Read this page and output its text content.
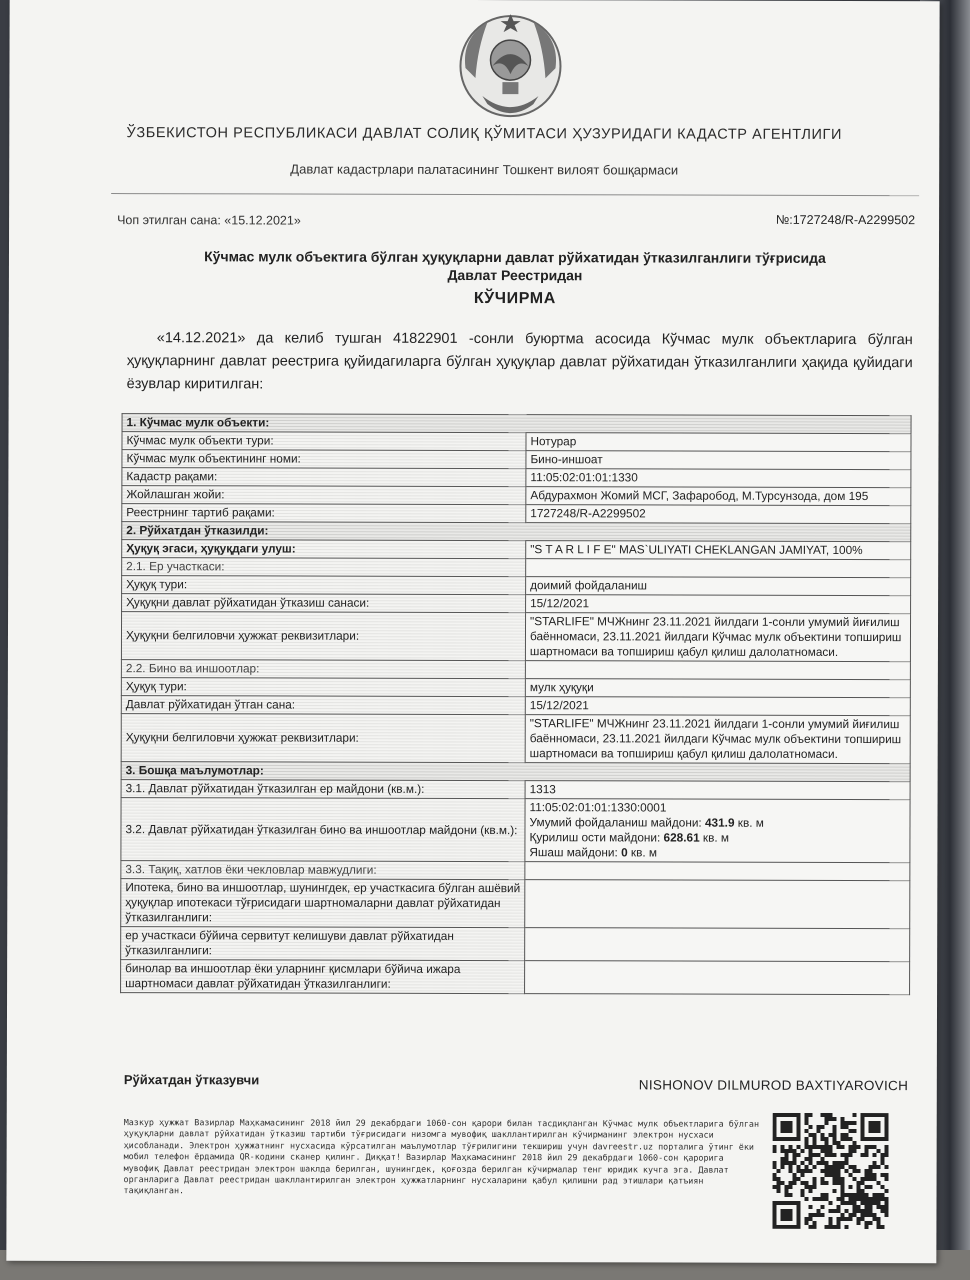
ЎЗБЕКИСТОН РЕСПУБЛИКАСИ ДАВЛАТ СОЛИҚ ҚЎМИТАСИ ҲУЗУРИДАГИ КАДАСТР АГЕНТЛИГИ
Давлат кадастрлари палатасининг Тошкент вилоят бошқармаси
Чоп этилган сана: «15.12.2021»	№:1727248/R-A2299502
Кўчмас мулк объектига бўлган ҳуқуқларни давлат рўйхатидан ўтказилганлиги тўғрисида
Давлат Реестридан
КЎЧИРМА
«14.12.2021» да келиб тушган 41822901 -сонли буюртма асосида Кўчмас мулк объектларига бўлган ҳуқуқларнинг давлат реестрига қуйидагиларга бўлган ҳуқуқлар давлат рўйхатидан ўтказилганлиги ҳақида қуйидаги ёзувлар киритилган:
1. Кўчмас мулк объекти:	
Кўчмас мулк объекти тури:	Нотурар
Кўчмас мулк объектининг номи:	Бино-иншоат
Кадастр рақами:	11:05:02:01:01:1330
Жойлашган жойи:	Абдурахмон Жомий МСГ, Зафаробод, М.Турсунзода, дом 195
Реестрнинг тартиб рақами:	1727248/R-A2299502
2. Рўйхатдан ўтказилди:	
Ҳуқуқ эгаси, ҳуқуқдаги улуш:	"S T A R L I F E" MAS`ULIYATI CHEKLANGAN JAMIYAT, 100%
2.1. Ер участкаси:	
Ҳуқуқ тури:	доимий фойдаланиш
Ҳуқуқни давлат рўйхатидан ўтказиш санаси:	15/12/2021
Ҳуқуқни белгиловчи ҳужжат реквизитлари:	"STARLIFE" МЧЖнинг 23.11.2021 йилдаги 1-сонли умумий йиғилиш баённомаси, 23.11.2021 йилдаги Кўчмас мулк объектини топшириш шартномаси ва топшириш қабул қилиш далолатномаси.
2.2. Бино ва иншоотлар:	
Ҳуқуқ тури:	мулк ҳуқуқи
Давлат рўйхатидан ўтган сана:	15/12/2021
Ҳуқуқни белгиловчи ҳужжат реквизитлари:	"STARLIFE" МЧЖнинг 23.11.2021 йилдаги 1-сонли умумий йиғилиш баённомаси, 23.11.2021 йилдаги Кўчмас мулк объектини топшириш шартномаси ва топшириш қабул қилиш далолатномаси.
3. Бошқа маълумотлар:	
3.1. Давлат рўйхатидан ўтказилган ер майдони (кв.м.):	1313
3.2. Давлат рўйхатидан ўтказилган бино ва иншоотлар майдони (кв.м.):	11:05:02:01:01:1330:0001
Умумий фойдаланиш майдони: 431.9 кв. м
Қурилиш ости майдони: 628.61 кв. м
Яшаш майдони: 0 кв. м

3.3. Тақиқ, хатлов ёки чекловлар мавжудлиги:	
Ипотека, бино ва иншоотлар, шунингдек, ер участкасига бўлган ашёвий ҳуқуқлар ипотекаси тўғрисидаги шартномаларни давлат рўйхатидан ўтказилганлиги:	
ер участкаси бўйича сервитут келишуви давлат рўйхатидан ўтказилганлиги:	
бинолар ва иншоотлар ёки уларнинг қисмлари бўйича ижара шартномаси давлат рўйхатидан ўтказилганлиги:	
Рўйхатдан ўтказувчи	NISHONOV DILMUROD BAXTIYAROVICH
Мазкур ҳужжат Вазирлар Маҳкамасининг 2018 йил 29 декабрдаги 1060-сон қарори билан тасдиқланган Кўчмас мулк объектларига бўлган ҳуқуқларни давлат рўйхатидан ўтказиш тартиби тўғрисидаги низомга мувофиқ шакллантирилган кўчирманинг электрон нусхаси ҳисобланади. Электрон ҳужжатнинг нусхасида кўрсатилган маълумотлар тўғрилигини текшириш учун davreestr.uz порталига ўтинг ёки мобил телефон ёрдамида QR-кодини сканер қилинг. Диққат! Вазирлар Маҳкамасининг 2018 йил 29 декабрдаги 1060-сон қарорига мувофиқ Давлат реестридан электрон шаклда берилган, шунингдек, қоғозда берилган кўчирмалар тенг юридик кучга эга. Давлат органларига Давлат реестридан шакллантирилган электрон ҳужжатларнинг нусхаларини қабул қилишни рад этишлари қатъиян тақиқланган.
